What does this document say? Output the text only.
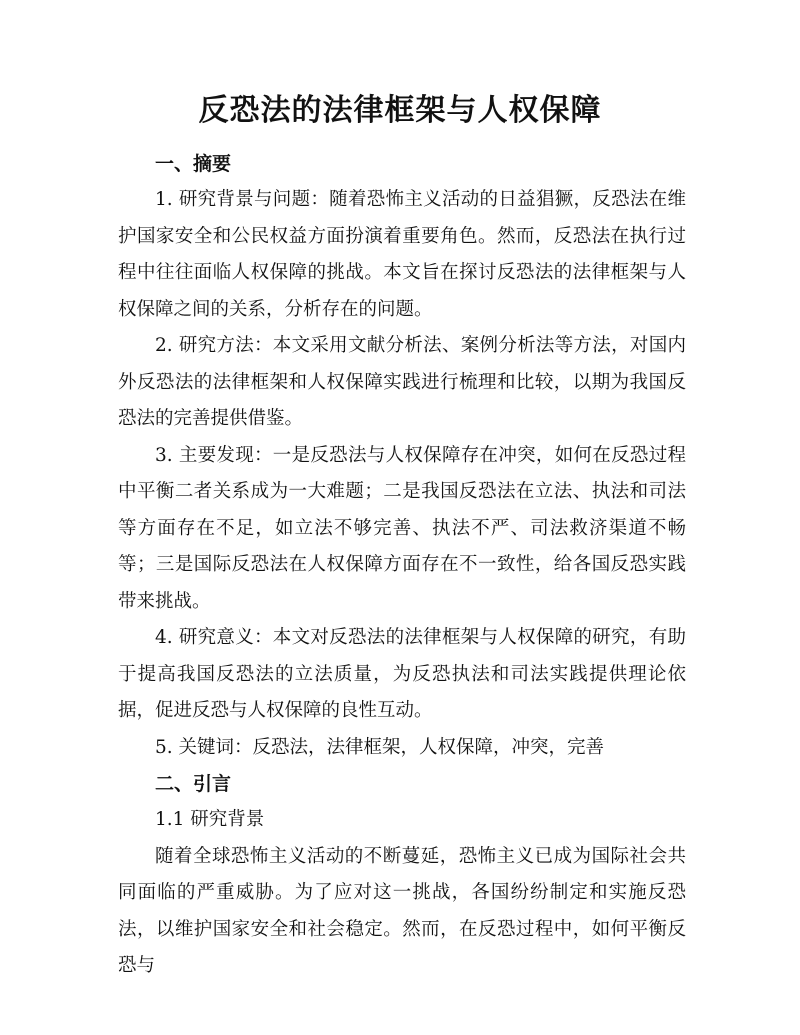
反恐法的法律框架与人权保障

一、摘要

1. 研究背景与问题：随着恐怖主义活动的日益猖獗，反恐法在维护国家安全和公民权益方面扮演着重要角色。然而，反恐法在执行过程中往往面临人权保障的挑战。本文旨在探讨反恐法的法律框架与人权保障之间的关系，分析存在的问题。

2. 研究方法：本文采用文献分析法、案例分析法等方法，对国内外反恐法的法律框架和人权保障实践进行梳理和比较，以期为我国反恐法的完善提供借鉴。

3. 主要发现：一是反恐法与人权保障存在冲突，如何在反恐过程中平衡二者关系成为一大难题；二是我国反恐法在立法、执法和司法等方面存在不足，如立法不够完善、执法不严、司法救济渠道不畅等；三是国际反恐法在人权保障方面存在不一致性，给各国反恐实践带来挑战。

4. 研究意义：本文对反恐法的法律框架与人权保障的研究，有助于提高我国反恐法的立法质量，为反恐执法和司法实践提供理论依据，促进反恐与人权保障的良性互动。

5. 关键词：反恐法，法律框架，人权保障，冲突，完善

二、引言

1.1 研究背景

随着全球恐怖主义活动的不断蔓延，恐怖主义已成为国际社会共同面临的严重威胁。为了应对这一挑战，各国纷纷制定和实施反恐法，以维护国家安全和社会稳定。然而，在反恐过程中，如何平衡反恐与
